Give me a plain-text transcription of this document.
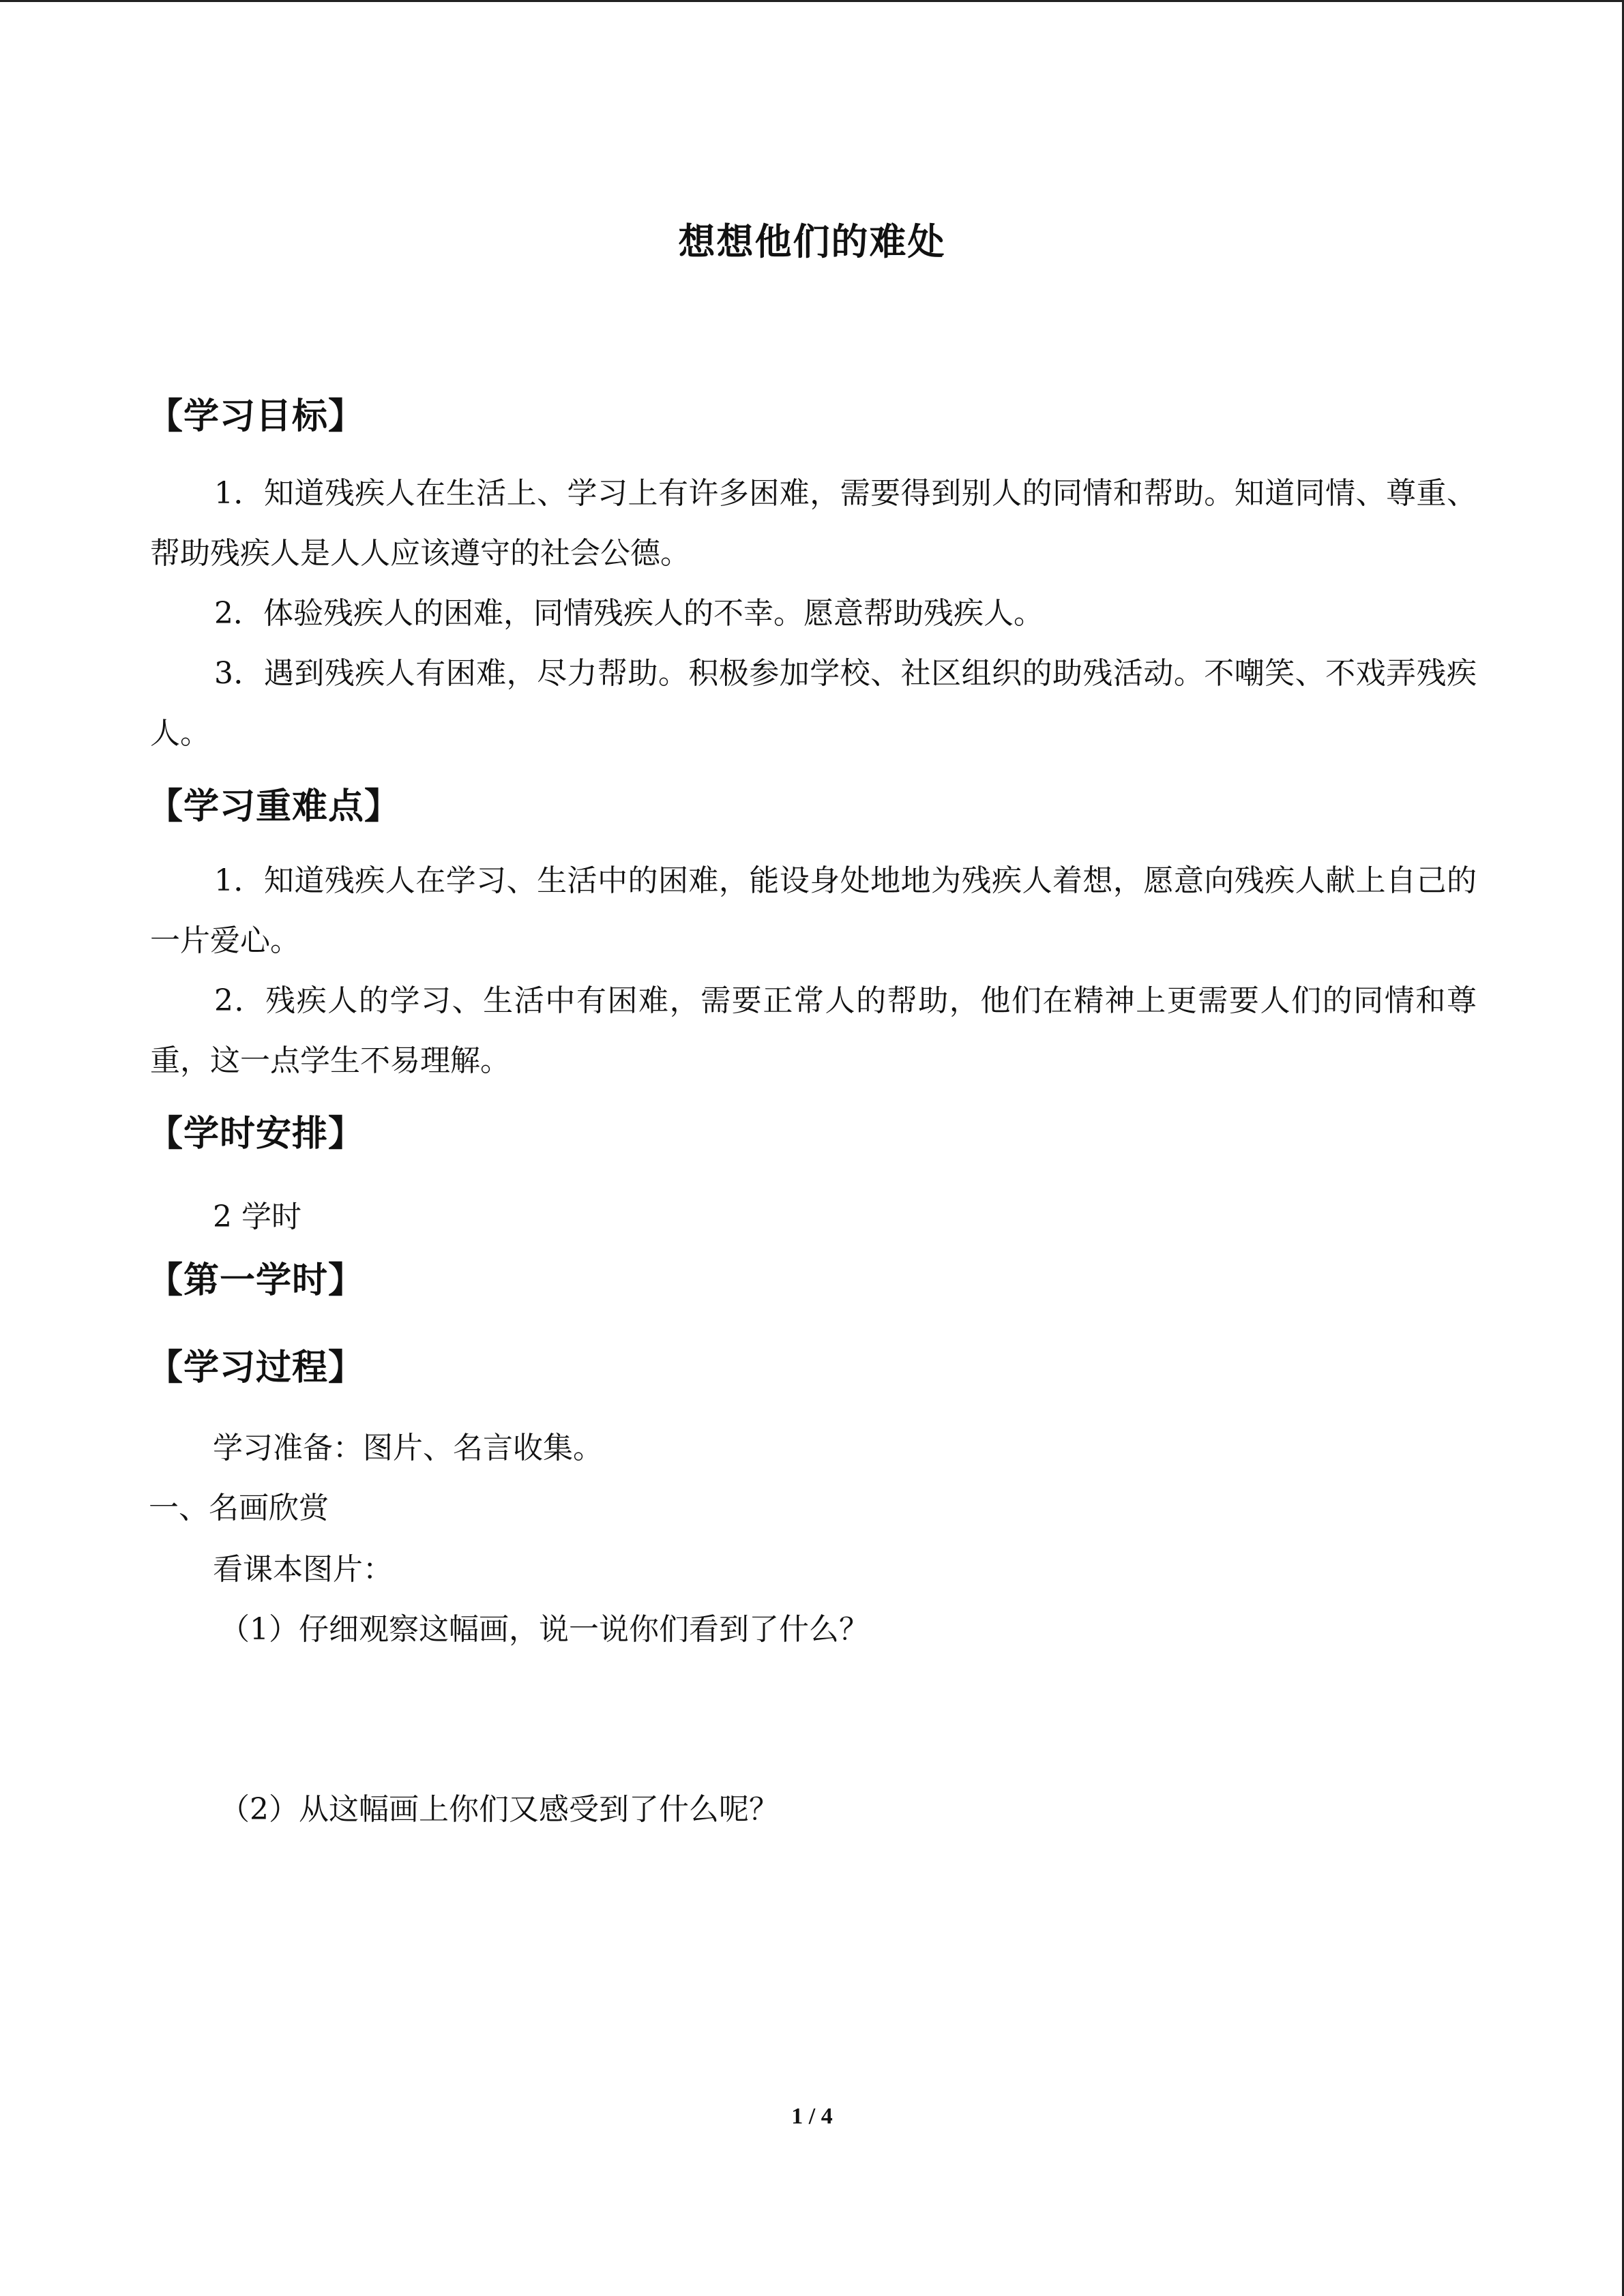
想想他们的难处
【学习目标】
1．知道残疾人在生活上、学习上有许多困难，需要得到别人的同情和帮助。知道同情、尊重、帮助残疾人是人人应该遵守的社会公德。
2．体验残疾人的困难，同情残疾人的不幸。愿意帮助残疾人。
3．遇到残疾人有困难，尽力帮助。积极参加学校、社区组织的助残活动。不嘲笑、不戏弄残疾人。
【学习重难点】
1．知道残疾人在学习、生活中的困难，能设身处地地为残疾人着想，愿意向残疾人献上自己的一片爱心。
2．残疾人的学习、生活中有困难，需要正常人的帮助，他们在精神上更需要人们的同情和尊重，这一点学生不易理解。
【学时安排】
2 学时
【第一学时】
【学习过程】
学习准备：图片、名言收集。
一、名画欣赏
看课本图片：
（1）仔细观察这幅画，说一说你们看到了什么？
（2）从这幅画上你们又感受到了什么呢？
1 / 4
